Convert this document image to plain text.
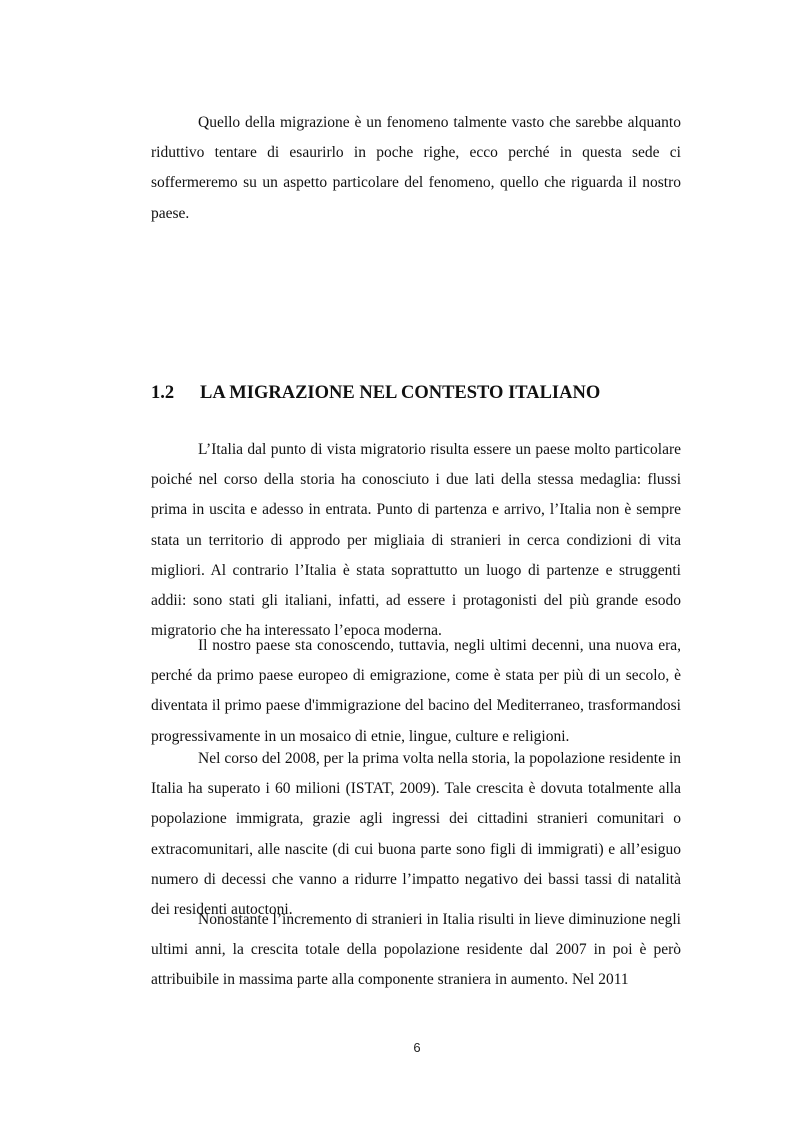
Quello della migrazione è un fenomeno talmente vasto che sarebbe alquanto riduttivo tentare di esaurirlo in poche righe, ecco perché in questa sede ci soffermeremo su un aspetto particolare del fenomeno, quello che riguarda il nostro paese.

1.2 LA MIGRAZIONE NEL CONTESTO ITALIANO

L’Italia dal punto di vista migratorio risulta essere un paese molto particolare poiché nel corso della storia ha conosciuto i due lati della stessa medaglia: flussi prima in uscita e adesso in entrata. Punto di partenza e arrivo, l’Italia non è sempre stata un territorio di approdo per migliaia di stranieri in cerca condizioni di vita migliori. Al contrario l’Italia è stata soprattutto un luogo di partenze e struggenti addii: sono stati gli italiani, infatti, ad essere i protagonisti del più grande esodo migratorio che ha interessato l’epoca moderna.

Il nostro paese sta conoscendo, tuttavia, negli ultimi decenni, una nuova era, perché da primo paese europeo di emigrazione, come è stata per più di un secolo, è diventata il primo paese d'immigrazione del bacino del Mediterraneo, trasformandosi progressivamente in un mosaico di etnie, lingue, culture e religioni.

Nel corso del 2008, per la prima volta nella storia, la popolazione residente in Italia ha superato i 60 milioni (ISTAT, 2009). Tale crescita è dovuta totalmente alla popolazione immigrata, grazie agli ingressi dei cittadini stranieri comunitari o extracomunitari, alle nascite (di cui buona parte sono figli di immigrati) e all’esiguo numero di decessi che vanno a ridurre l’impatto negativo dei bassi tassi di natalità dei residenti autoctoni.

Nonostante l’incremento di stranieri in Italia risulti in lieve diminuzione negli ultimi anni, la crescita totale della popolazione residente dal 2007 in poi è però attribuibile in massima parte alla componente straniera in aumento. Nel 2011

6
